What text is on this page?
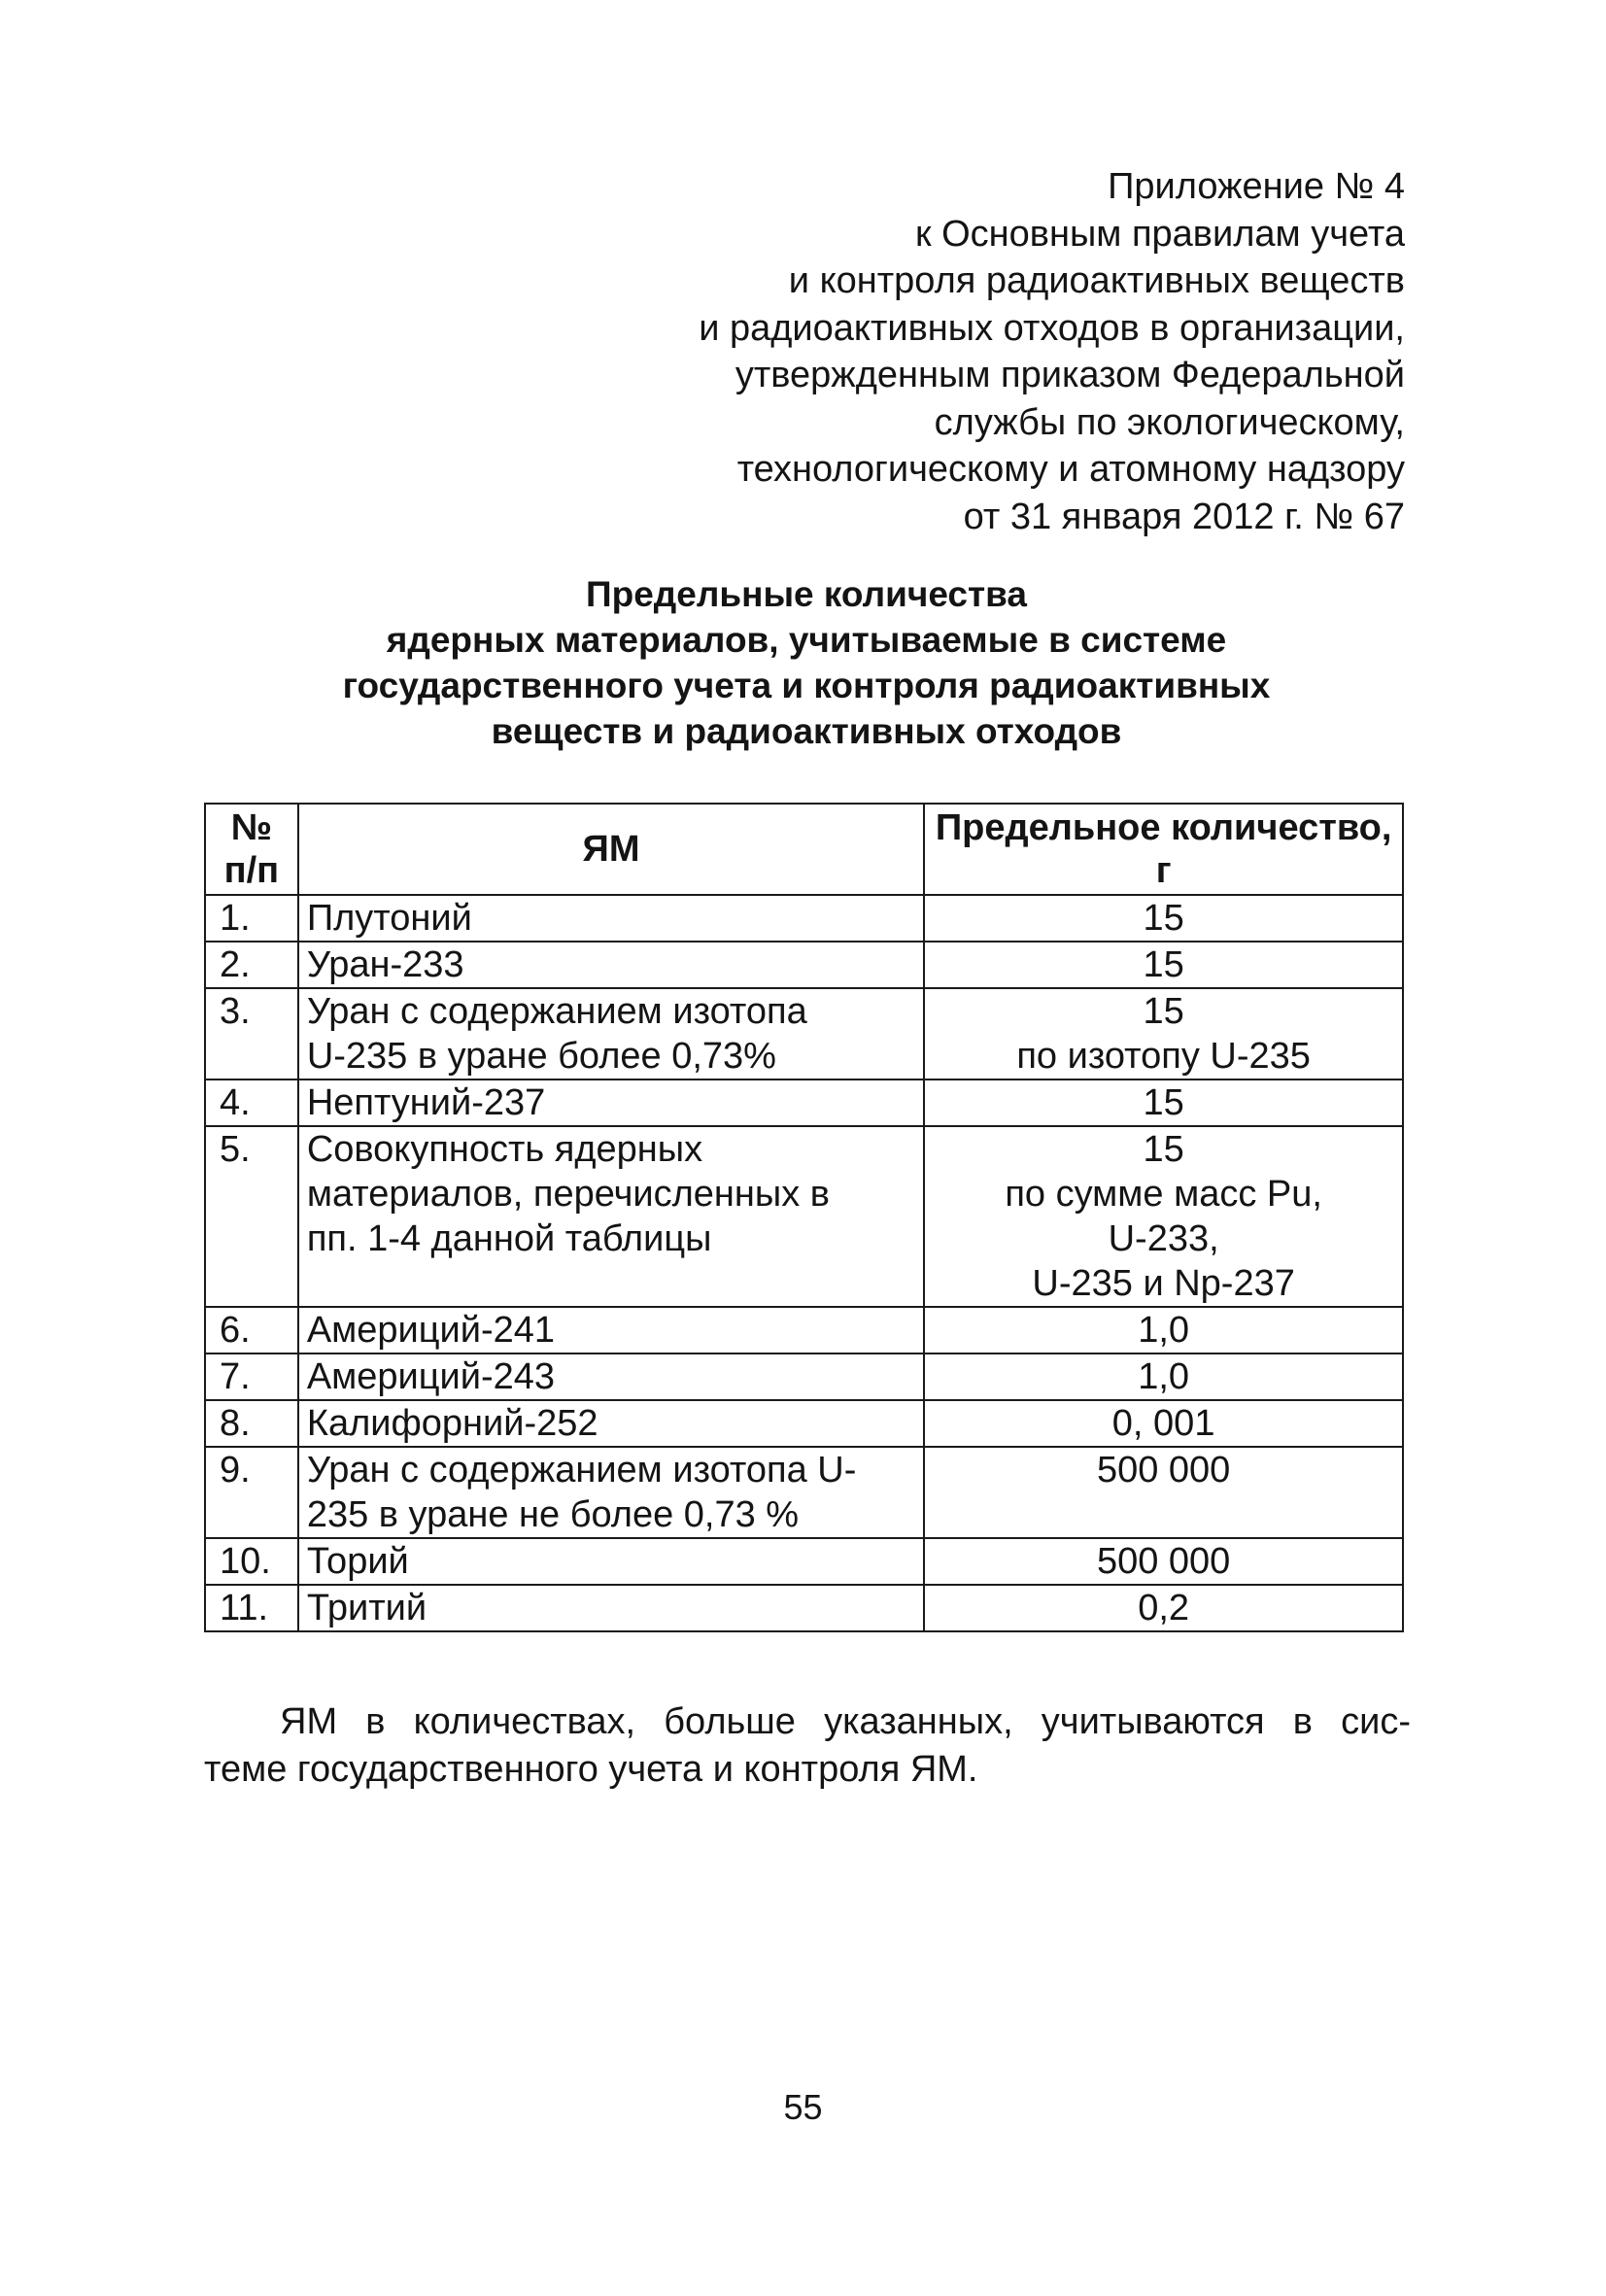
Приложение № 4
к Основным правилам учета
и контроля радиоактивных веществ
и радиоактивных отходов в организации,
утвержденным приказом Федеральной
службы по экологическому,
технологическому и атомному надзору
от 31 января 2012 г. № 67
Предельные количества
ядерных материалов, учитываемые в системе
государственного учета и контроля радиоактивных
веществ и радиоактивных отходов
№ п/п	ЯМ	Предельное количество, г
1.	Плутоний	15

2.	Уран-233	15

3.	Уран с содержанием изотопа
U-235 в уране более 0,73%	15
по изотопу U-235

4.	Нептуний-237	15

5.	Совокупность ядерных
материалов, перечисленных в
пп. 1-4 данной таблицы	15
по сумме масс Pu,
U-233,
U-235 и Np-237

6.	Америций-241	1,0

7.	Америций-243	1,0

8.	Калифорний-252	0, 001

9.	Уран с содержанием изотопа U-
235 в уране не более 0,73 %	500 000

10.	Торий	500 000

11.	Тритий	0,2
ЯМ в количествах, больше указанных, учитываются в сис-
теме государственного учета и контроля ЯМ.
55
